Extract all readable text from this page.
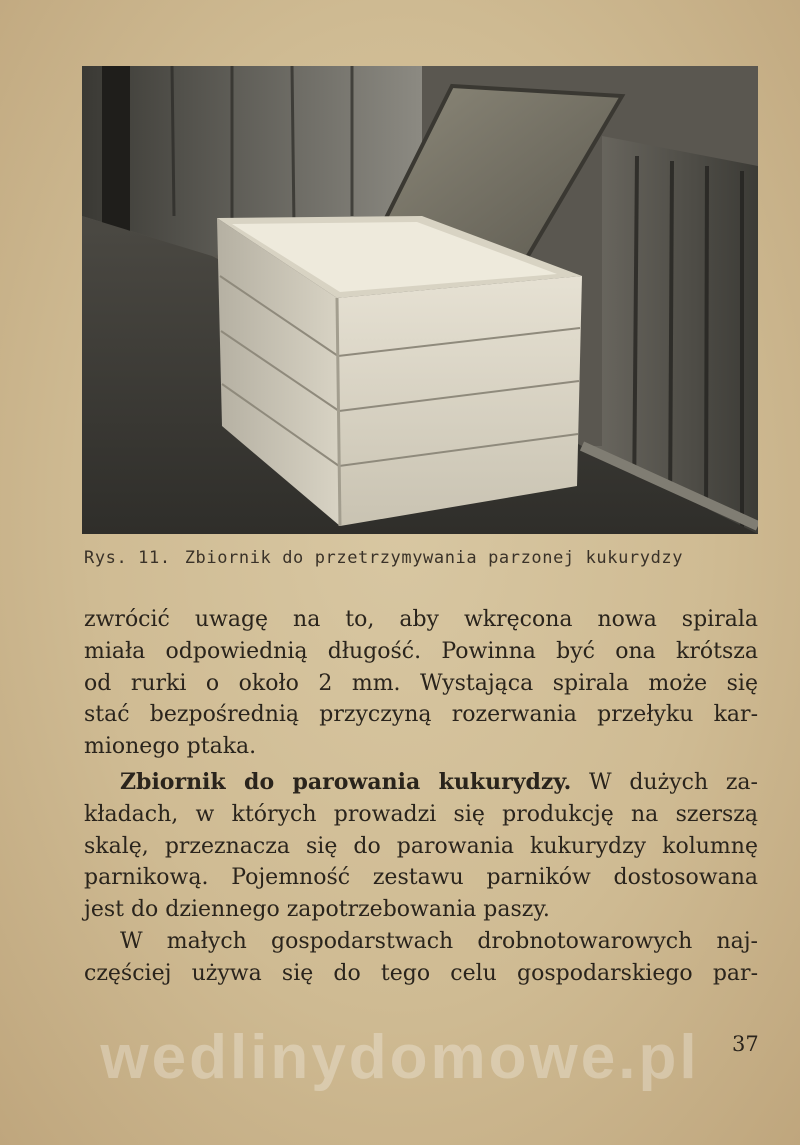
Rys. 11. Zbiornik do przetrzymywania parzonej kukurydzy
zwrócić uwagę na to, aby wkręcona nowa spirala
miała odpowiednią długość. Powinna być ona krótsza
od rurki o około 2 mm. Wystająca spirala może się
stać bezpośrednią przyczyną rozerwania przełyku kar-
mionego ptaka.
Zbiornik do parowania kukurydzy. W dużych za-
kładach, w których prowadzi się produkcję na szerszą
skalę, przeznacza się do parowania kukurydzy kolumnę
parnikową. Pojemność zestawu parników dostosowana
jest do dziennego zapotrzebowania paszy.
W małych gospodarstwach drobnotowarowych naj-
częściej używa się do tego celu gospodarskiego par-
wedlinydomowe.pl	37
